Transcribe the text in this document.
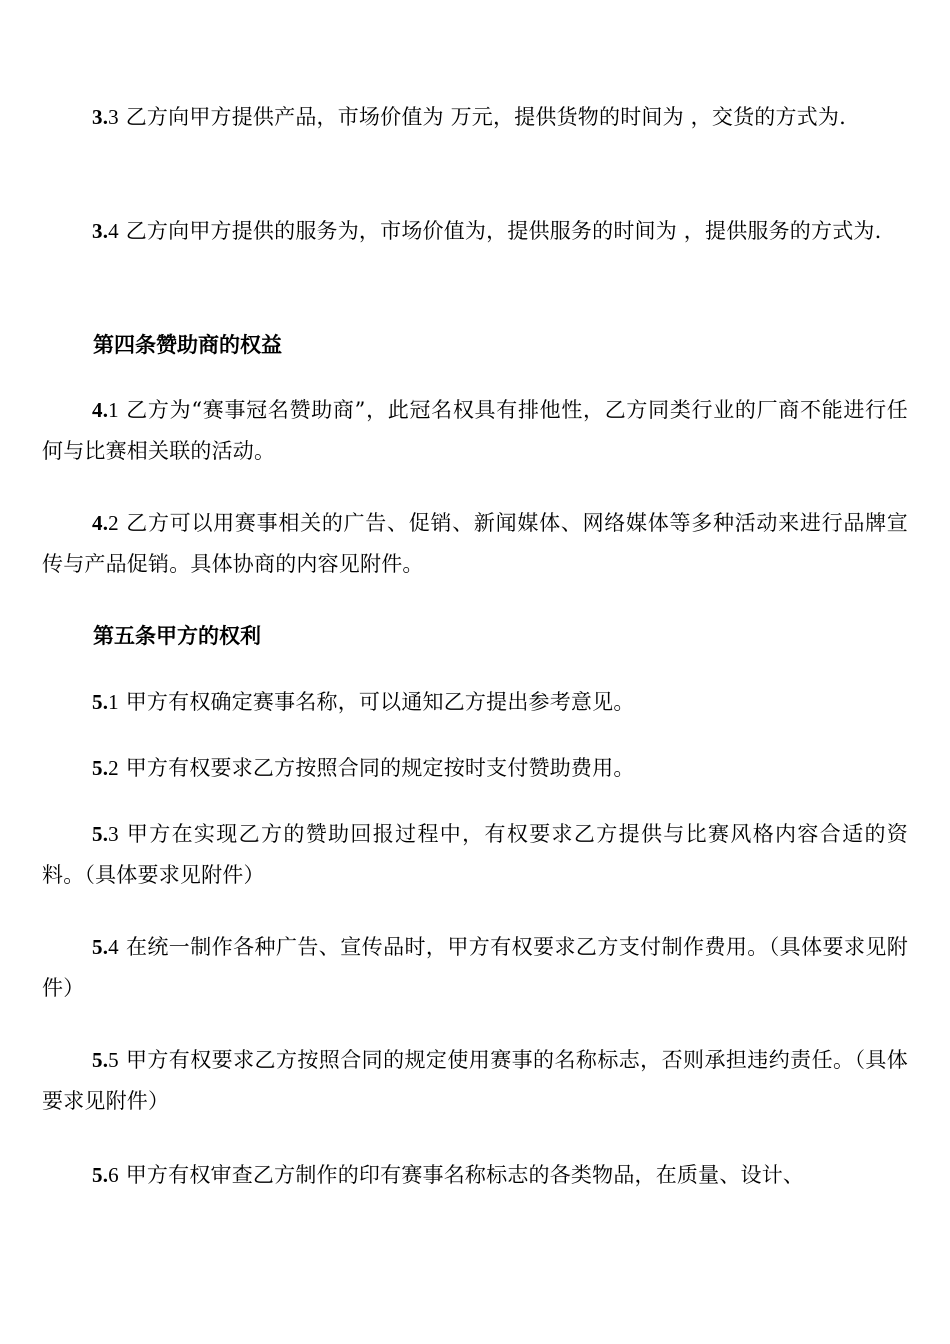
3.3 乙方向甲方提供产品，市场价值为 万元，提供货物的时间为 ，交货的方式为.

3.4 乙方向甲方提供的服务为，市场价值为，提供服务的时间为 ，提供服务的方式为.

第四条赞助商的权益

4.1 乙方为“赛事冠名赞助商”，此冠名权具有排他性，乙方同类行业的厂商不能进行任何与比赛相关联的活动。

4.2 乙方可以用赛事相关的广告、促销、新闻媒体、网络媒体等多种活动来进行品牌宣传与产品促销。具体协商的内容见附件。

第五条甲方的权利

5.1 甲方有权确定赛事名称，可以通知乙方提出参考意见。

5.2 甲方有权要求乙方按照合同的规定按时支付赞助费用。

5.3 甲方在实现乙方的赞助回报过程中，有权要求乙方提供与比赛风格内容合适的资料。（具体要求见附件）

5.4 在统一制作各种广告、宣传品时，甲方有权要求乙方支付制作费用。（具体要求见附件）

5.5 甲方有权要求乙方按照合同的规定使用赛事的名称标志，否则承担违约责任。（具体要求见附件）

5.6 甲方有权审查乙方制作的印有赛事名称标志的各类物品，在质量、设计、
